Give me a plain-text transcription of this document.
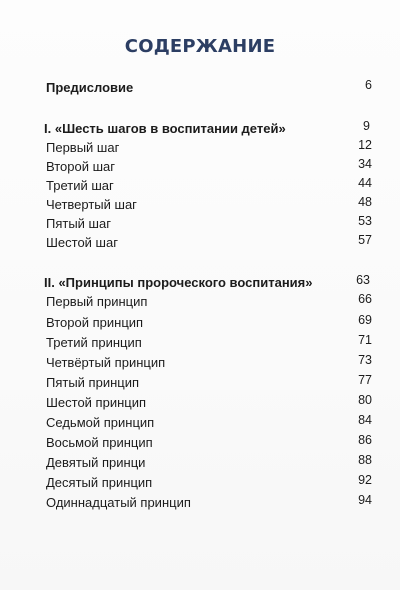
СОДЕРЖАНИЕ
Предисловие	6
I. «Шесть шагов в воспитании детей»	9
Первый шаг	12
Второй шаг	34
Третий шаг	44
Четвертый шаг	48
Пятый шаг	53
Шестой шаг	57
II. «Принципы пророческого воспитания»	63
Первый принцип	66
Второй принцип	69
Третий принцип	71
Четвёртый принцип	73
Пятый принцип	77
Шестой принцип	80
Седьмой принцип	84
Восьмой принцип	86
Девятый принци	88
Десятый принцип	92
Одиннадцатый принцип	94
